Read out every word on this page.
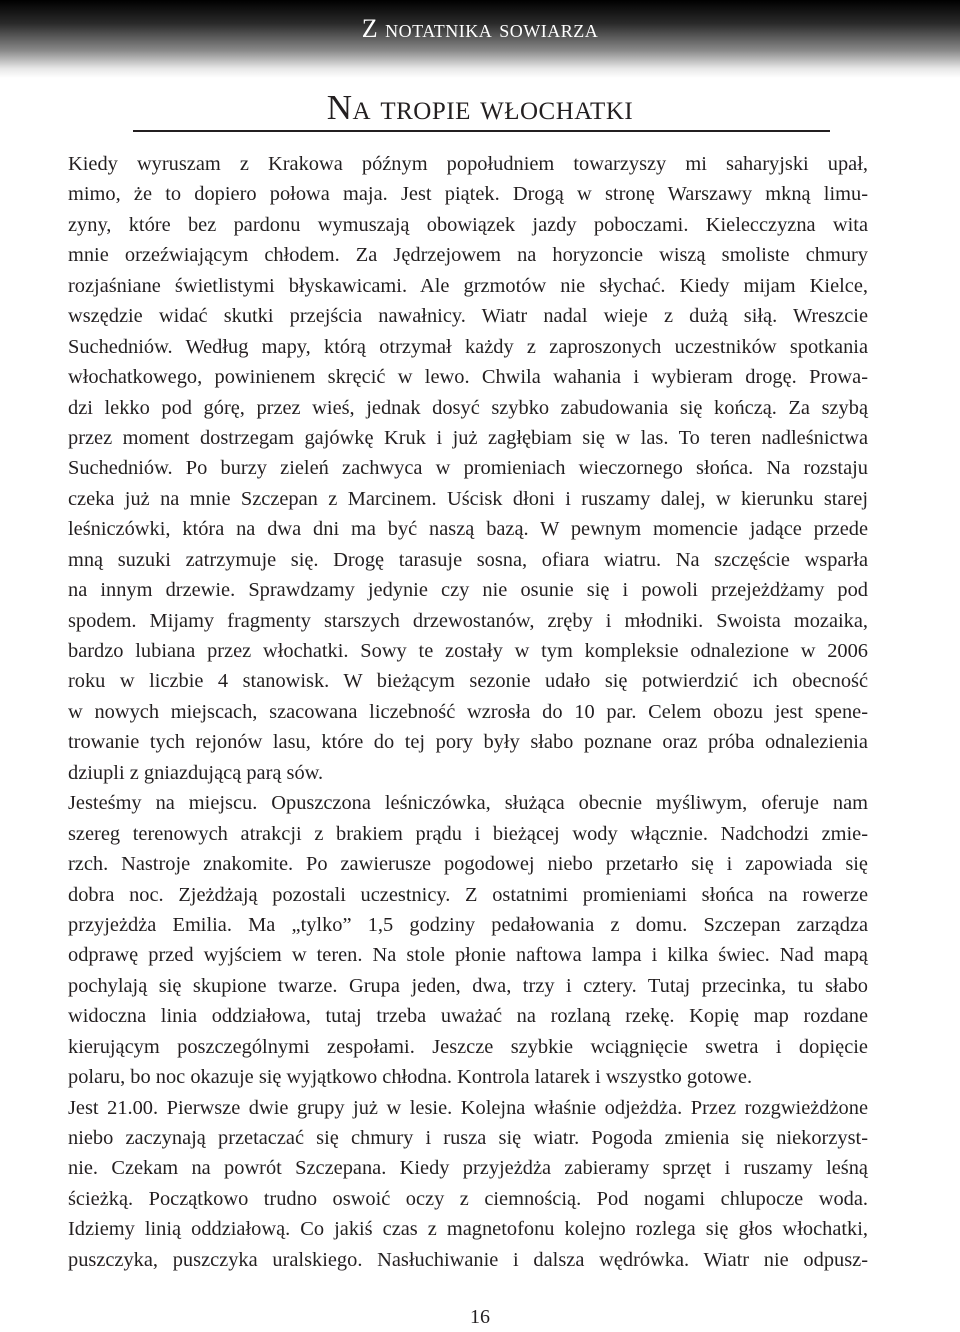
Z notatnika sowiarza

Na tropie włochatki
Kiedy wyruszam z Krakowa późnym popołudniem towarzyszy mi saharyjski upał,
mimo, że to dopiero połowa maja. Jest piątek. Drogą w stronę Warszawy mkną limu-
zyny, które bez pardonu wymuszają obowiązek jazdy poboczami. Kielecczyzna wita
mnie orzeźwiającym chłodem. Za Jędrzejowem na horyzoncie wiszą smoliste chmury
rozjaśniane świetlistymi błyskawicami. Ale grzmotów nie słychać. Kiedy mijam Kielce,
wszędzie widać skutki przejścia nawałnicy. Wiatr nadal wieje z dużą siłą. Wreszcie
Suchedniów. Według mapy, którą otrzymał każdy z zaproszonych uczestników spotkania
włochatkowego, powinienem skręcić w lewo. Chwila wahania i wybieram drogę. Prowa-
dzi lekko pod górę, przez wieś, jednak dosyć szybko zabudowania się kończą. Za szybą
przez moment dostrzegam gajówkę Kruk i już zagłębiam się w las. To teren nadleśnictwa
Suchedniów. Po burzy zieleń zachwyca w promieniach wieczornego słońca. Na rozstaju
czeka już na mnie Szczepan z Marcinem. Uścisk dłoni i ruszamy dalej, w kierunku starej
leśniczówki, która na dwa dni ma być naszą bazą. W pewnym momencie jadące przede
mną suzuki zatrzymuje się. Drogę tarasuje sosna, ofiara wiatru. Na szczęście wsparła
na innym drzewie. Sprawdzamy jedynie czy nie osunie się i powoli przejeżdżamy pod
spodem. Mijamy fragmenty starszych drzewostanów, zręby i młodniki. Swoista mozaika,
bardzo lubiana przez włochatki. Sowy te zostały w tym kompleksie odnalezione w 2006
roku w liczbie 4 stanowisk. W bieżącym sezonie udało się potwierdzić ich obecność
w nowych miejscach, szacowana liczebność wzrosła do 10 par. Celem obozu jest spene-
trowanie tych rejonów lasu, które do tej pory były słabo poznane oraz próba odnalezienia
dziupli z gniazdującą parą sów.
Jesteśmy na miejscu. Opuszczona leśniczówka, służąca obecnie myśliwym, oferuje nam
szereg terenowych atrakcji z brakiem prądu i bieżącej wody włącznie. Nadchodzi zmie-
rzch. Nastroje znakomite. Po zawierusze pogodowej niebo przetarło się i zapowiada się
dobra noc. Zjeżdżają pozostali uczestnicy. Z ostatnimi promieniami słońca na rowerze
przyjeżdża Emilia. Ma „tylko” 1,5 godziny pedałowania z domu. Szczepan zarządza
odprawę przed wyjściem w teren. Na stole płonie naftowa lampa i kilka świec. Nad mapą
pochylają się skupione twarze. Grupa jeden, dwa, trzy i cztery. Tutaj przecinka, tu słabo
widoczna linia oddziałowa, tutaj trzeba uważać na rozlaną rzekę. Kopię map rozdane
kierującym poszczególnymi zespołami. Jeszcze szybkie wciągnięcie swetra i dopięcie
polaru, bo noc okazuje się wyjątkowo chłodna. Kontrola latarek i wszystko gotowe.
Jest 21.00. Pierwsze dwie grupy już w lesie. Kolejna właśnie odjeżdża. Przez rozgwieżdżone
niebo zaczynają przetaczać się chmury i rusza się wiatr. Pogoda zmienia się niekorzyst-
nie. Czekam na powrót Szczepana. Kiedy przyjeżdża zabieramy sprzęt i ruszamy leśną
ścieżką. Początkowo trudno oswoić oczy z ciemnością. Pod nogami chlupocze woda.
Idziemy linią oddziałową. Co jakiś czas z magnetofonu kolejno rozlega się głos włochatki,
puszczyka, puszczyka uralskiego. Nasłuchiwanie i dalsza wędrówka. Wiatr nie odpusz-

16
